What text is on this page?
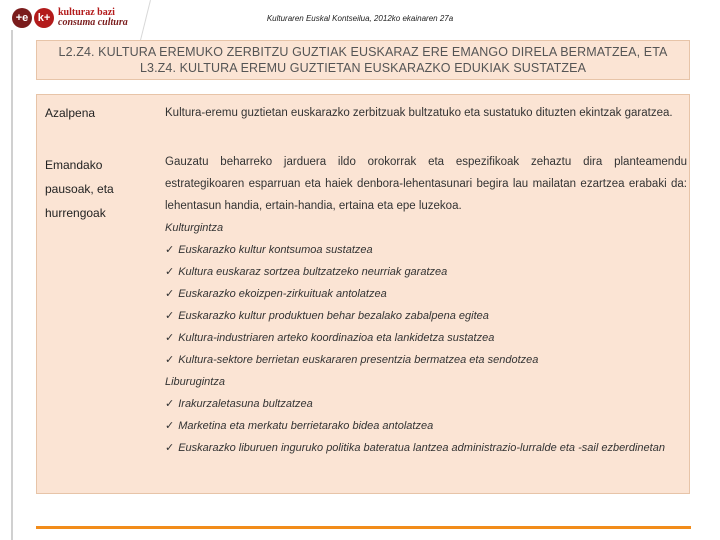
+e k+ kulturaz bazi
consuma cultura	Kulturaren Euskal Kontseilua, 2012ko ekainaren 27a
L2.Z4. KULTURA EREMUKO ZERBITZU GUZTIAK EUSKARAZ ERE EMANGO DIRELA BERMATZEA, ETA
L3.Z4. KULTURA EREMU GUZTIETAN EUSKARAZKO EDUKIAK SUSTATZEA
Azalpena	Kultura-eremu guztietan euskarazko zerbitzuak bultzatuko eta sustatuko dituzten ekintzak garatzea.
Emandako
pausoak, eta
hurrengoak

Gauzatu beharreko jarduera ildo orokorrak eta espezifikoak zehaztu dira planteamendu estrategikoaren esparruan eta haiek denbora-lehentasunari begira lau mailatan ezartzea erabaki da: lehentasun handia, ertain-handia, ertaina eta epe luzekoa.

Kulturgintza

✓ Euskarazko kultur kontsumoa sustatzea

✓ Kultura euskaraz sortzea bultzatzeko neurriak garatzea

✓ Euskarazko ekoizpen-zirkuituak antolatzea

✓ Euskarazko kultur produktuen behar bezalako zabalpena egitea

✓ Kultura-industriaren arteko koordinazioa eta lankidetza sustatzea

✓ Kultura-sektore berrietan euskararen presentzia bermatzea eta sendotzea

Liburugintza

✓ Irakurzaletasuna bultzatzea

✓ Marketina eta merkatu berrietarako bidea antolatzea

✓ Euskarazko liburuen inguruko politika bateratua lantzea administrazio-lurralde eta -sail ezberdinetan
